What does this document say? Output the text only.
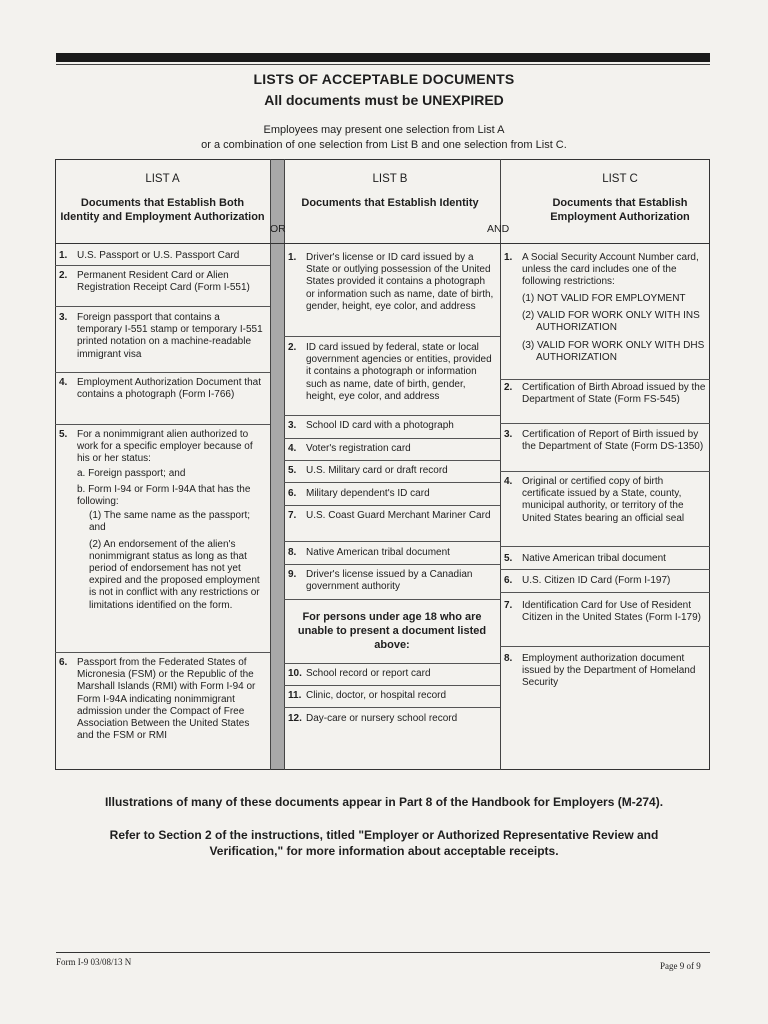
LISTS OF ACCEPTABLE DOCUMENTS
All documents must be UNEXPIRED
Employees may present one selection from List A
or a combination of one selection from List B and one selection from List C.
LIST A
Documents that Establish Both Identity and Employment Authorization
LIST B
Documents that Establish Identity
LIST C
Documents that Establish Employment Authorization
OR	AND
1. U.S. Passport or U.S. Passport Card
2. Permanent Resident Card or Alien Registration Receipt Card (Form I-551)
3. Foreign passport that contains a temporary I-551 stamp or temporary I-551 printed notation on a machine-readable immigrant visa
4. Employment Authorization Document that contains a photograph (Form I-766)
5. For a nonimmigrant alien authorized to work for a specific employer because of his or her status:
a. Foreign passport; and
b. Form I-94 or Form I-94A that has the following:
(1) The same name as the passport; and
(2) An endorsement of the alien's nonimmigrant status as long as that period of endorsement has not yet expired and the proposed employment is not in conflict with any restrictions or limitations identified on the form.
6. Passport from the Federated States of Micronesia (FSM) or the Republic of the Marshall Islands (RMI) with Form I-94 or Form I-94A indicating nonimmigrant admission under the Compact of Free Association Between the United States and the FSM or RMI
1. Driver's license or ID card issued by a State or outlying possession of the United States provided it contains a photograph or information such as name, date of birth, gender, height, eye color, and address
2. ID card issued by federal, state or local government agencies or entities, provided it contains a photograph or information such as name, date of birth, gender, height, eye color, and address
3. School ID card with a photograph
4. Voter's registration card
5. U.S. Military card or draft record
6. Military dependent's ID card
7. U.S. Coast Guard Merchant Mariner Card
8. Native American tribal document
9. Driver's license issued by a Canadian government authority
For persons under age 18 who are unable to present a document listed above:
10. School record or report card
11. Clinic, doctor, or hospital record
12. Day-care or nursery school record
1. A Social Security Account Number card, unless the card includes one of the following restrictions:
(1) NOT VALID FOR EMPLOYMENT
(2) VALID FOR WORK ONLY WITH INS AUTHORIZATION
(3) VALID FOR WORK ONLY WITH DHS AUTHORIZATION
2. Certification of Birth Abroad issued by the Department of State (Form FS-545)
3. Certification of Report of Birth issued by the Department of State (Form DS-1350)
4. Original or certified copy of birth certificate issued by a State, county, municipal authority, or territory of the United States bearing an official seal
5. Native American tribal document
6. U.S. Citizen ID Card (Form I-197)
7. Identification Card for Use of Resident Citizen in the United States (Form I-179)
8. Employment authorization document issued by the Department of Homeland Security
Illustrations of many of these documents appear in Part 8 of the Handbook for Employers (M-274).
Refer to Section 2 of the instructions, titled "Employer or Authorized Representative Review and Verification," for more information about acceptable receipts.
Form I-9 03/08/13 N	Page 9 of 9
